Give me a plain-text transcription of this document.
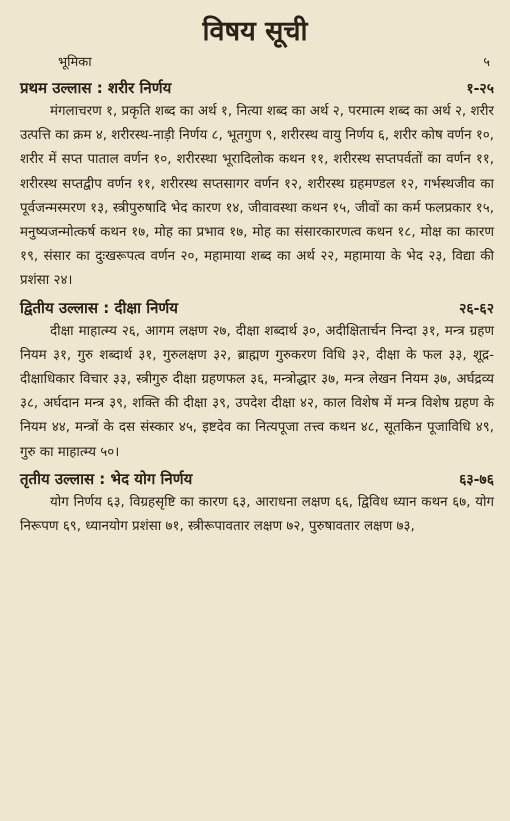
विषय सूची
भूमिका	५
प्रथम उल्लास : शरीर निर्णय	१-२५

मंगलाचरण १, प्रकृति शब्द का अर्थ १, नित्या शब्द का अर्थ २, परमात्म शब्द का अर्थ २, शरीर उत्पत्ति का क्रम ४, शरीरस्थ-नाड़ी निर्णय ८, भूतगुण ९, शरीरस्थ वायु निर्णय ६, शरीर कोष वर्णन १०, शरीर में सप्त पाताल वर्णन १०, शरीरस्था भूरादिलोक कथन ११, शरीरस्थ सप्तपर्वतों का वर्णन ११, शरीरस्थ सप्तद्वीप वर्णन ११, शरीरस्थ सप्तसागर वर्णन १२, शरीरस्थ ग्रहमण्डल १२, गर्भस्थजीव का पूर्वजन्मस्मरण १३, स्त्रीपुरुषादि भेद कारण १४, जीवावस्था कथन १५, जीवों का कर्म फलप्रकार १५, मनुष्यजन्मोत्कर्ष कथन १७, मोह का प्रभाव १७, मोह का संसारकारणत्व कथन १८, मोक्ष का कारण १९, संसार का दुःखरूपत्व वर्णन २०, महामाया शब्द का अर्थ २२, महामाया के भेद २३, विद्या की प्रशंसा २४।

द्वितीय उल्लास : दीक्षा निर्णय	२६-६२

दीक्षा माहात्म्य २६, आगम लक्षण २७, दीक्षा शब्दार्थ ३०, अदीक्षितार्चन निन्दा ३१, मन्त्र ग्रहण नियम ३१, गुरु शब्दार्थ ३१, गुरुलक्षण ३२, ब्राह्मण गुरुकरण विधि ३२, दीक्षा के फल ३३, शूद्र-दीक्षाधिकार विचार ३३, स्त्रीगुरु दीक्षा ग्रहणफल ३६, मन्त्रोद्धार ३७, मन्त्र लेखन नियम ३७, अर्घद्रव्य ३८, अर्घदान मन्त्र ३९, शक्ति की दीक्षा ३९, उपदेश दीक्षा ४२, काल विशेष में मन्त्र विशेष ग्रहण के नियम ४४, मन्त्रों के दस संस्कार ४५, इष्टदेव का नित्यपूजा तत्त्व कथन ४८, सूतकिन पूजाविधि ४९, गुरु का माहात्म्य ५०।

तृतीय उल्लास : भेद योग निर्णय	६३-७६

योग निर्णय ६३, विग्रहसृष्टि का कारण ६३, आराधना लक्षण ६६, द्विविध ध्यान कथन ६७, योग निरूपण ६९, ध्यानयोग प्रशंसा ७१, स्त्रीरूपावतार लक्षण ७२, पुरुषावतार लक्षण ७३,
